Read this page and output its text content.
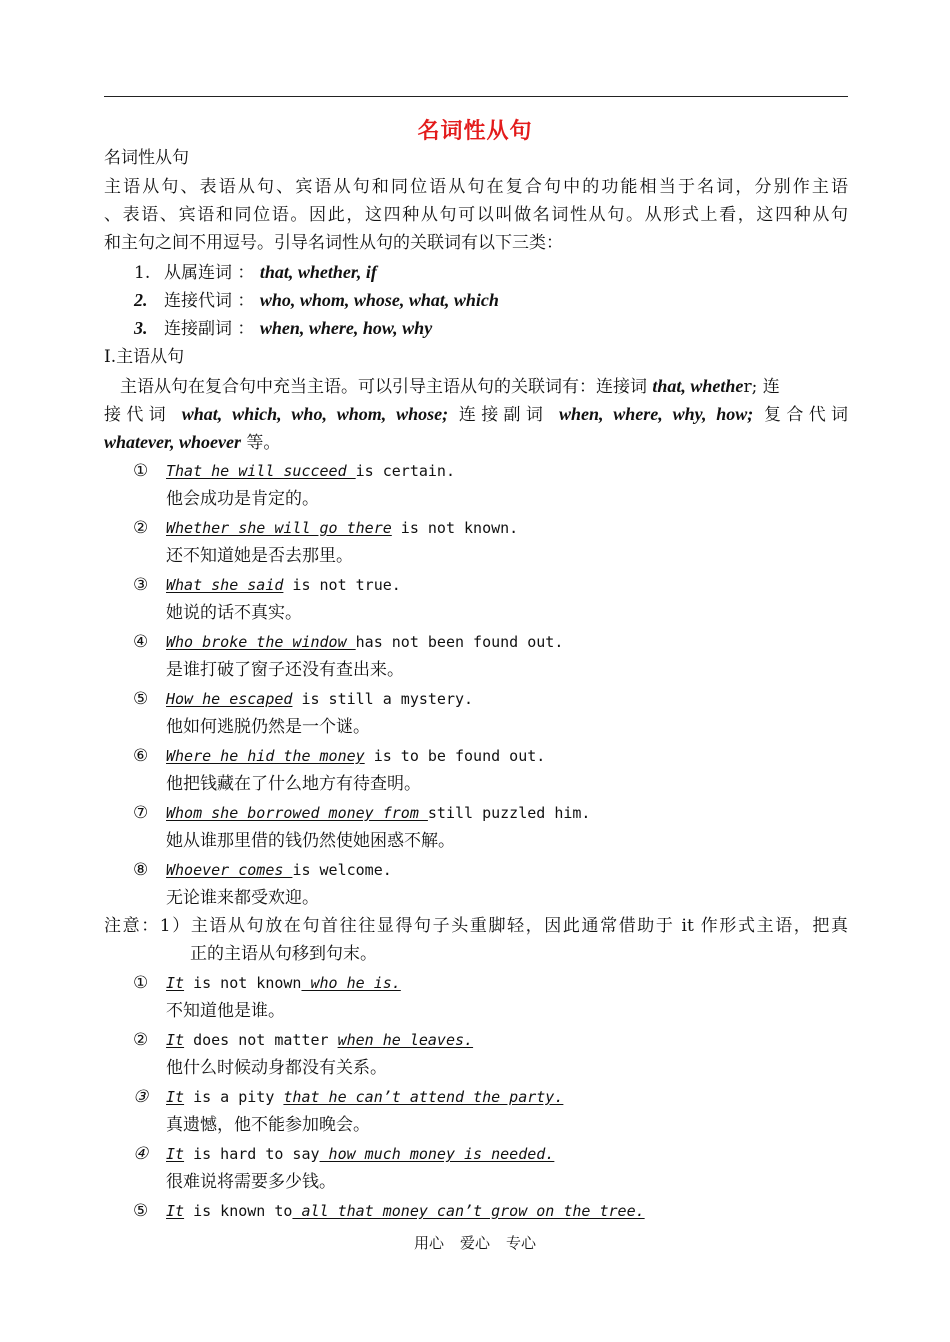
名词性从句
名词性从句
主语从句、表语从句、宾语从句和同位语从句在复合句中的功能相当于名词，分别作主语
、表语、宾语和同位语。因此，这四种从句可以叫做名词性从句。从形式上看，这四种从句
和主句之间不用逗号。引导名词性从句的关联词有以下三类：
1. 从属连词 ： that, whether, if
2. 连接代词 ： who, whom, whose, what, which
3. 连接副词 ： when, where, how, why
Ⅰ.主语从句
主语从句在复合句中充当主语。可以引导主语从句的关联词有：连接词 that, whether; 连
接代词 what, which, who, whom, whose; 连接副词 when, where, why, how; 复合代词
whatever, whoever 等。
① That he will succeed is certain.
他会成功是肯定的。
② Whether she will go there is not known.
还不知道她是否去那里。
③ What she said is not true.
她说的话不真实。
④ Who broke the window has not been found out.
是谁打破了窗子还没有查出来。
⑤ How he escaped is still a mystery.
他如何逃脱仍然是一个谜。
⑥ Where he hid the money is to be found out.
他把钱藏在了什么地方有待查明。
⑦ Whom she borrowed money from still puzzled him.
她从谁那里借的钱仍然使她困惑不解。
⑧ Whoever comes is welcome.
无论谁来都受欢迎。
注意：1）主语从句放在句首往往显得句子头重脚轻，因此通常借助于 it 作形式主语，把真
正的主语从句移到句末。
① It is not known who he is.
不知道他是谁。
② It does not matter when he leaves.
他什么时候动身都没有关系。
③ It is a pity that he can’t attend the party.
真遗憾，他不能参加晚会。
④ It is hard to say how much money is needed.
很难说将需要多少钱。
⑤ It is known to all that money can’t grow on the tree.
用心 爱心 专心
